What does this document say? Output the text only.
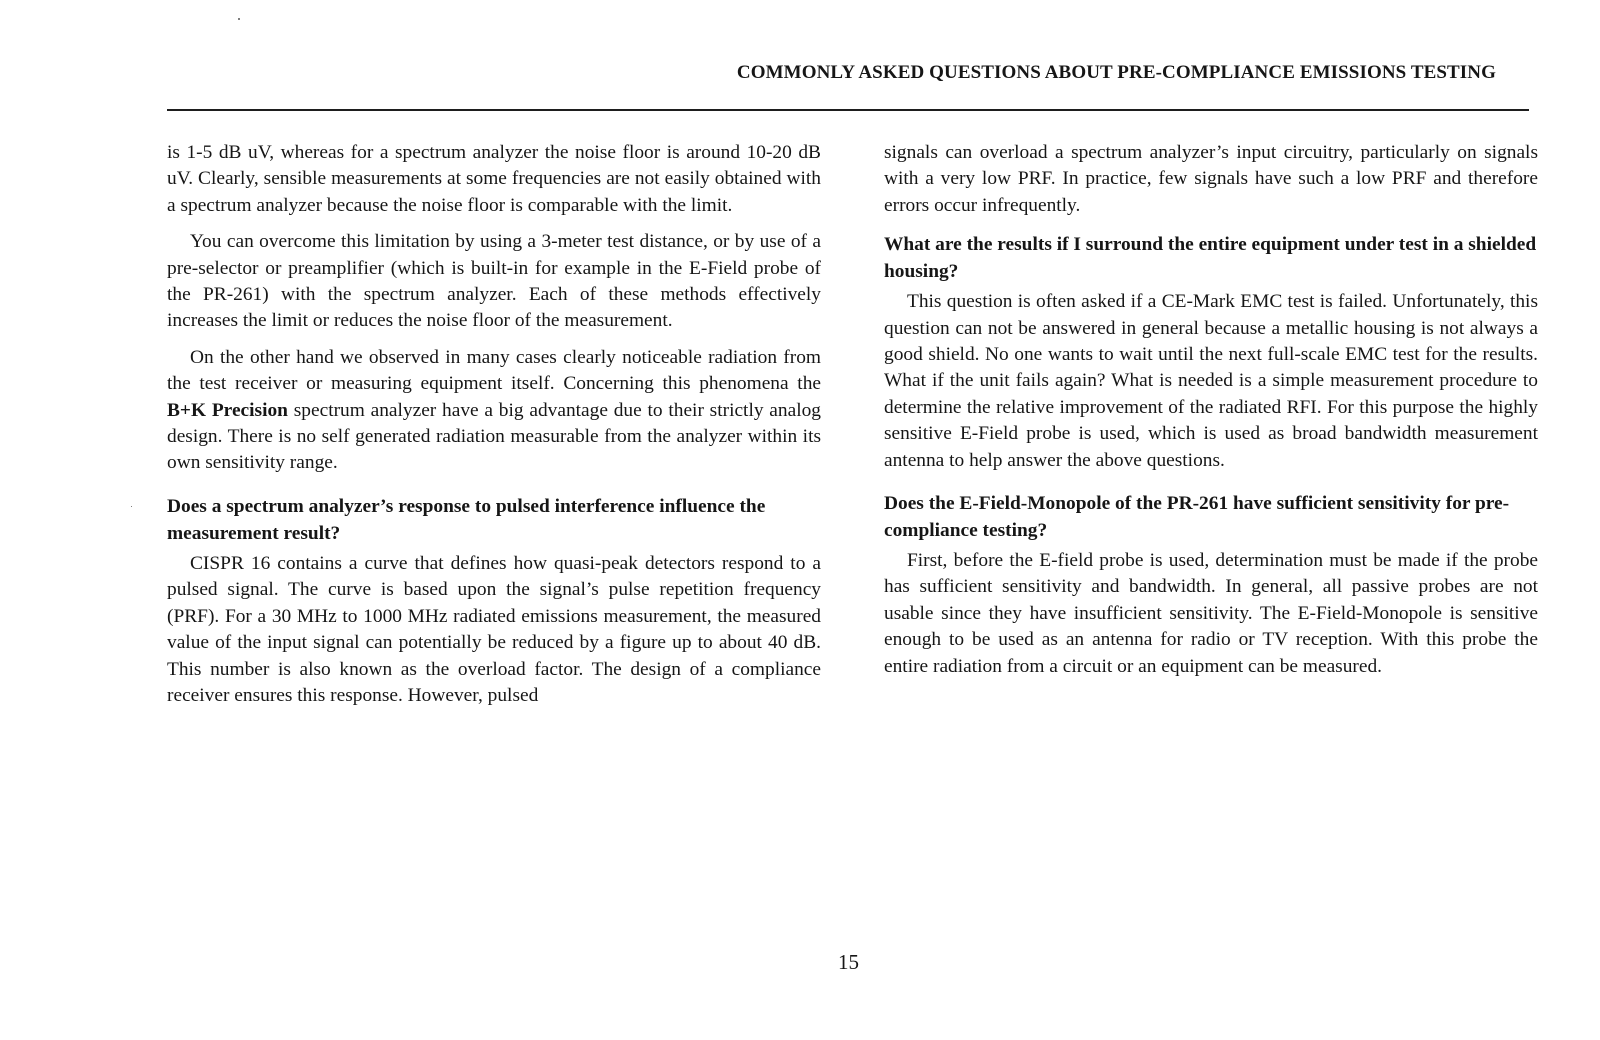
COMMONLY ASKED QUESTIONS ABOUT PRE-COMPLIANCE EMISSIONS TESTING

is 1-5 dB uV, whereas for a spectrum analyzer the noise floor is around 10-20 dB uV. Clearly, sensible measurements at some frequencies are not easily obtained with a spectrum analyzer because the noise floor is comparable with the limit.

You can overcome this limitation by using a 3-meter test distance, or by use of a pre-selector or preamplifier (which is built-in for example in the E-Field probe of the PR-261) with the spectrum analyzer. Each of these methods effectively increases the limit or reduces the noise floor of the measurement.

On the other hand we observed in many cases clearly noticeable radiation from the test receiver or measuring equipment itself. Concerning this phenomena the B+K Precision spectrum analyzer have a big advantage due to their strictly analog design. There is no self generated radiation measurable from the analyzer within its own sensitivity range.

Does a spectrum analyzer’s response to pulsed interference influence the measurement result?

CISPR 16 contains a curve that defines how quasi-peak detectors respond to a pulsed signal. The curve is based upon the signal’s pulse repetition frequency (PRF). For a 30 MHz to 1000 MHz radiated emissions measurement, the measured value of the input signal can potentially be reduced by a figure up to about 40 dB. This number is also known as the overload factor. The design of a compliance receiver ensures this response. However, pulsed

signals can overload a spectrum analyzer’s input circuitry, particularly on signals with a very low PRF. In practice, few signals have such a low PRF and therefore errors occur infrequently.

What are the results if I surround the entire equipment under test in a shielded housing?

This question is often asked if a CE-Mark EMC test is failed. Unfortunately, this question can not be answered in general because a metallic housing is not always a good shield. No one wants to wait until the next full-scale EMC test for the results. What if the unit fails again? What is needed is a simple measurement procedure to determine the relative improvement of the radiated RFI. For this purpose the highly sensitive E-Field probe is used, which is used as broad bandwidth measurement antenna to help answer the above questions.

Does the E-Field-Monopole of the PR-261 have sufficient sensitivity for pre-compliance testing?

First, before the E-field probe is used, determination must be made if the probe has sufficient sensitivity and bandwidth. In general, all passive probes are not usable since they have insufficient sensitivity. The E-Field-Monopole is sensitive enough to be used as an antenna for radio or TV reception. With this probe the entire radiation from a circuit or an equipment can be measured.

15
